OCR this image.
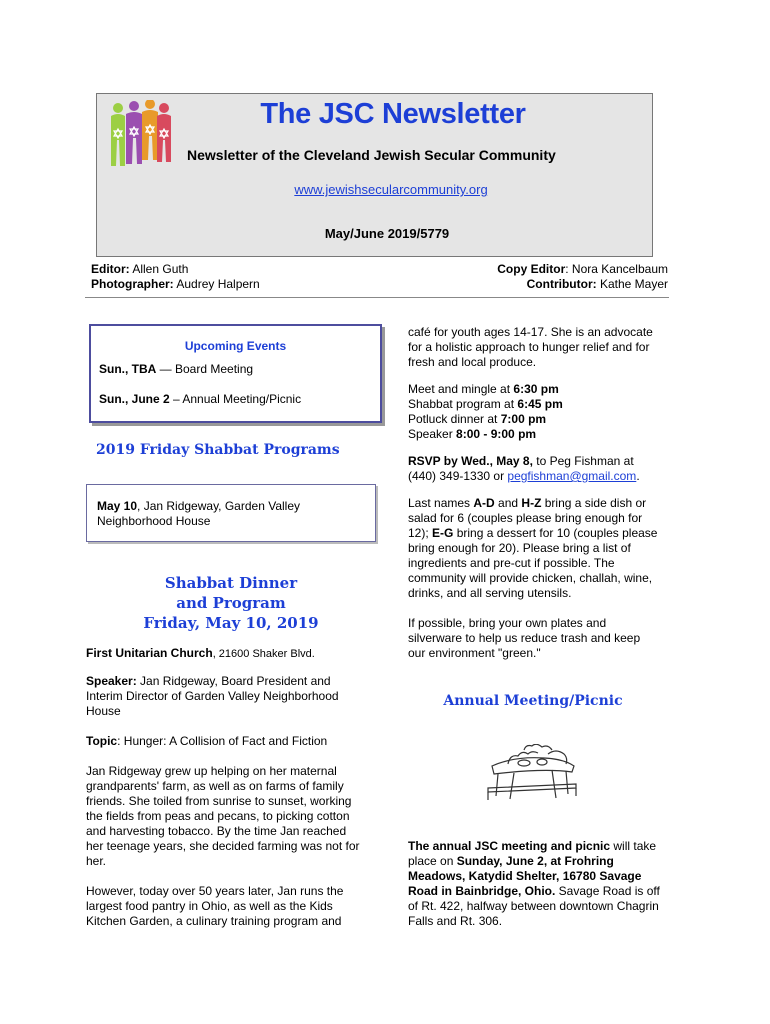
The JSC Newsletter
Newsletter of the Cleveland Jewish Secular Community
www.jewishsecularcommunity.org
May/June 2019/5779
Editor: Allen Guth
Photographer: Audrey Halpern
Copy Editor: Nora Kancelbaum
Contributor: Kathe Mayer
Upcoming Events
Sun., TBA — Board Meeting
Sun., June 2 – Annual Meeting/Picnic
2019 Friday Shabbat Programs
May 10, Jan Ridgeway, Garden Valley Neighborhood House
Shabbat Dinner
and Program
Friday, May 10, 2019

First Unitarian Church, 21600 Shaker Blvd.

Speaker: Jan Ridgeway, Board President and Interim Director of Garden Valley Neighborhood House

Topic: Hunger: A Collision of Fact and Fiction

Jan Ridgeway grew up helping on her maternal grandparents' farm, as well as on farms of family friends. She toiled from sunrise to sunset, working the fields from peas and pecans, to picking cotton and harvesting tobacco. By the time Jan reached her teenage years, she decided farming was not for her.

However, today over 50 years later, Jan runs the largest food pantry in Ohio, as well as the Kids Kitchen Garden, a culinary training program and

café for youth ages 14-17. She is an advocate for a holistic approach to hunger relief and for fresh and local produce.

Meet and mingle at 6:30 pm
Shabbat program at 6:45 pm
Potluck dinner at 7:00 pm
Speaker 8:00 - 9:00 pm

RSVP by Wed., May 8, to Peg Fishman at (440) 349-1330 or pegfishman@gmail.com.

Last names A-D and H-Z bring a side dish or salad for 6 (couples please bring enough for 12); E-G bring a dessert for 10 (couples please bring enough for 20). Please bring a list of ingredients and pre-cut if possible. The community will provide chicken, challah, wine, drinks, and all serving utensils.

If possible, bring your own plates and silverware to help us reduce trash and keep our environment "green."

Annual Meeting/Picnic

The annual JSC meeting and picnic will take place on Sunday, June 2, at Frohring Meadows, Katydid Shelter, 16780 Savage Road in Bainbridge, Ohio. Savage Road is off of Rt. 422, halfway between downtown Chagrin Falls and Rt. 306.
